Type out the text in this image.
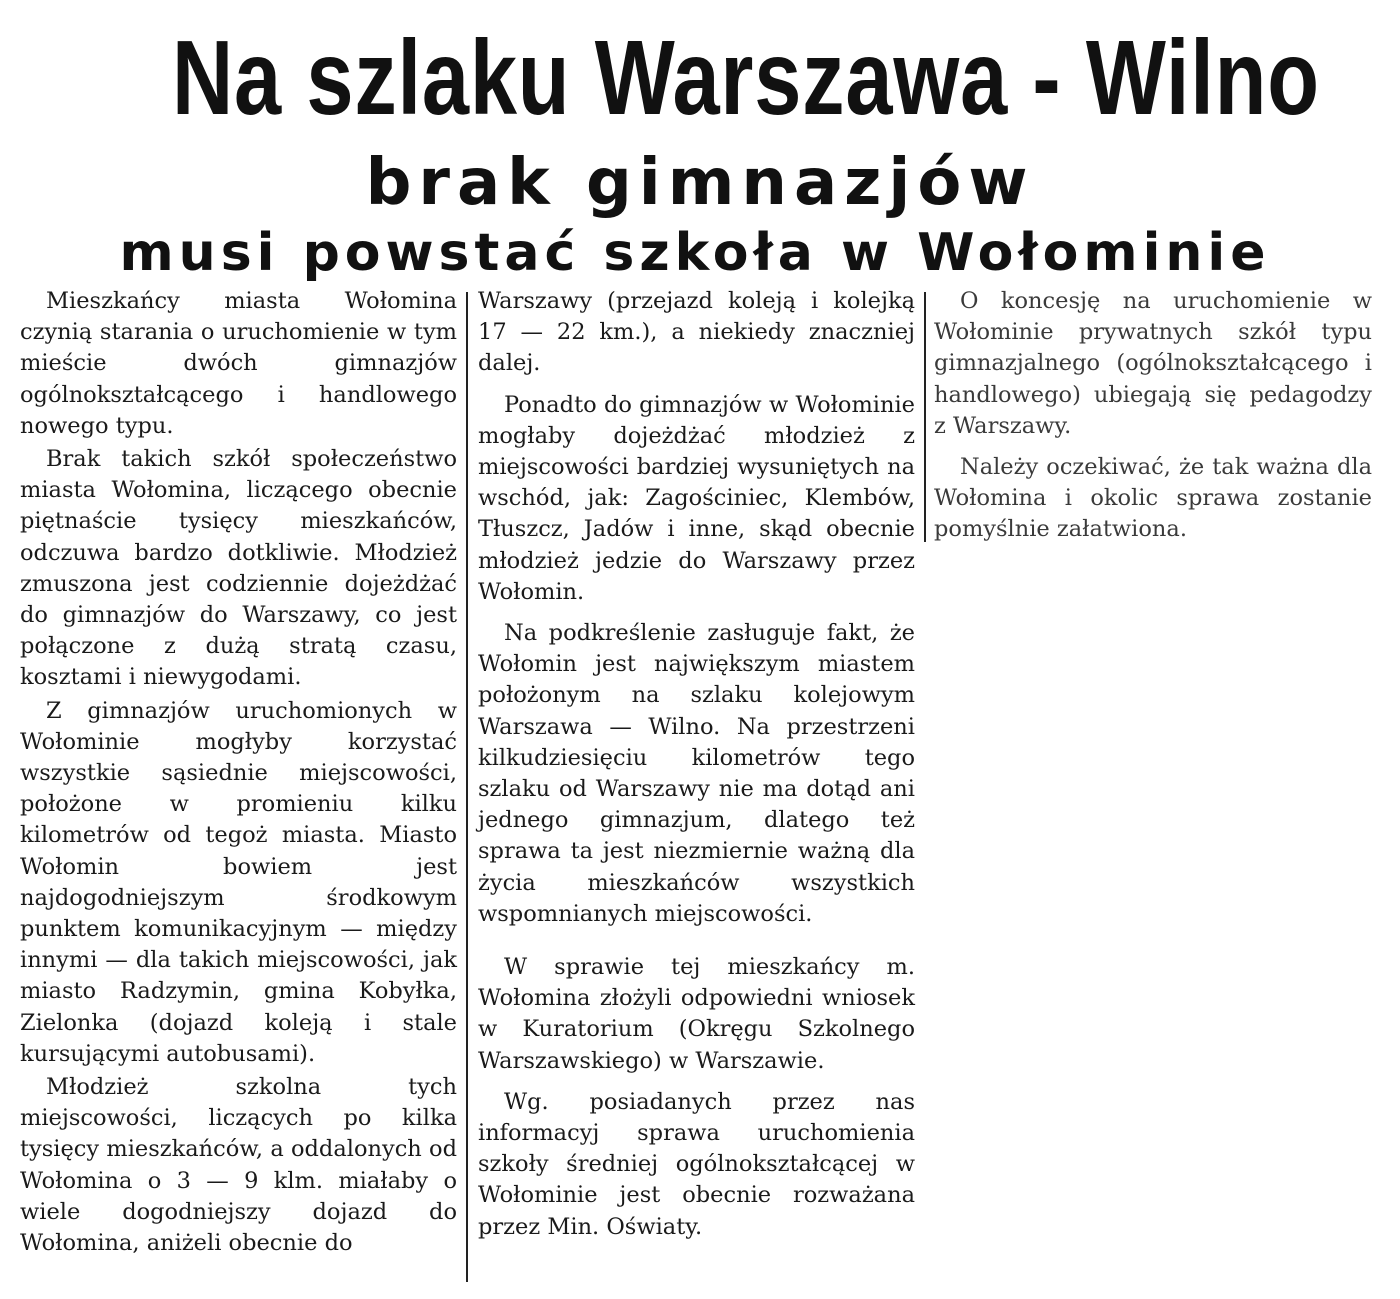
Na szlaku Warszawa - Wilno
brak gimnazjów
musi powstać szkoła w Wołominie

Mieszkańcy miasta Wołomina czynią starania o uruchomienie w tym mieście dwóch gimnazjów ogólnokształcącego i handlowego nowego typu.

Brak takich szkół społeczeństwo miasta Wołomina, liczącego obecnie piętnaście tysięcy mieszkańców, odczuwa bardzo dotkliwie. Młodzież zmuszona jest codziennie dojeżdżać do gimnazjów do Warszawy, co jest połączone z dużą stratą czasu, kosztami i niewygodami.

Z gimnazjów uruchomionych w Wołominie mogłyby korzystać wszystkie sąsiednie miejscowości, położone w promieniu kilku kilometrów od tegoż miasta. Miasto Wołomin bowiem jest najdogodniejszym środkowym punktem komunikacyjnym — między innymi — dla takich miejscowości, jak miasto Radzymin, gmina Kobyłka, Zielonka (dojazd koleją i stale kursującymi autobusami).

Młodzież szkolna tych miejscowości, liczących po kilka tysięcy mieszkańców, a oddalonych od Wołomina o 3 — 9 klm. miałaby o wiele dogodniejszy dojazd do Wołomina, aniżeli obecnie do

Warszawy (przejazd koleją i kolejką 17 — 22 km.), a niekiedy znaczniej dalej.

Ponadto do gimnazjów w Wołominie mogłaby dojeżdżać młodzież z miejscowości bardziej wysuniętych na wschód, jak: Zagościniec, Klembów, Tłuszcz, Jadów i inne, skąd obecnie młodzież jedzie do Warszawy przez Wołomin.

Na podkreślenie zasługuje fakt, że Wołomin jest największym miastem położonym na szlaku kolejowym Warszawa — Wilno. Na przestrzeni kilkudziesięciu kilometrów tego szlaku od Warszawy nie ma dotąd ani jednego gimnazjum, dlatego też sprawa ta jest niezmiernie ważną dla życia mieszkańców wszystkich wspomnianych miejscowości.

W sprawie tej mieszkańcy m. Wołomina złożyli odpowiedni wniosek w Kuratorium (Okręgu Szkolnego Warszawskiego) w Warszawie.

Wg. posiadanych przez nas informacyj sprawa uruchomienia szkoły średniej ogólnokształcącej w Wołominie jest obecnie rozważana przez Min. Oświaty.

O koncesję na uruchomienie w Wołominie prywatnych szkół typu gimnazjalnego (ogólnokształcącego i handlowego) ubiegają się pedagodzy z Warszawy.

Należy oczekiwać, że tak ważna dla Wołomina i okolic sprawa zostanie pomyślnie załatwiona.
